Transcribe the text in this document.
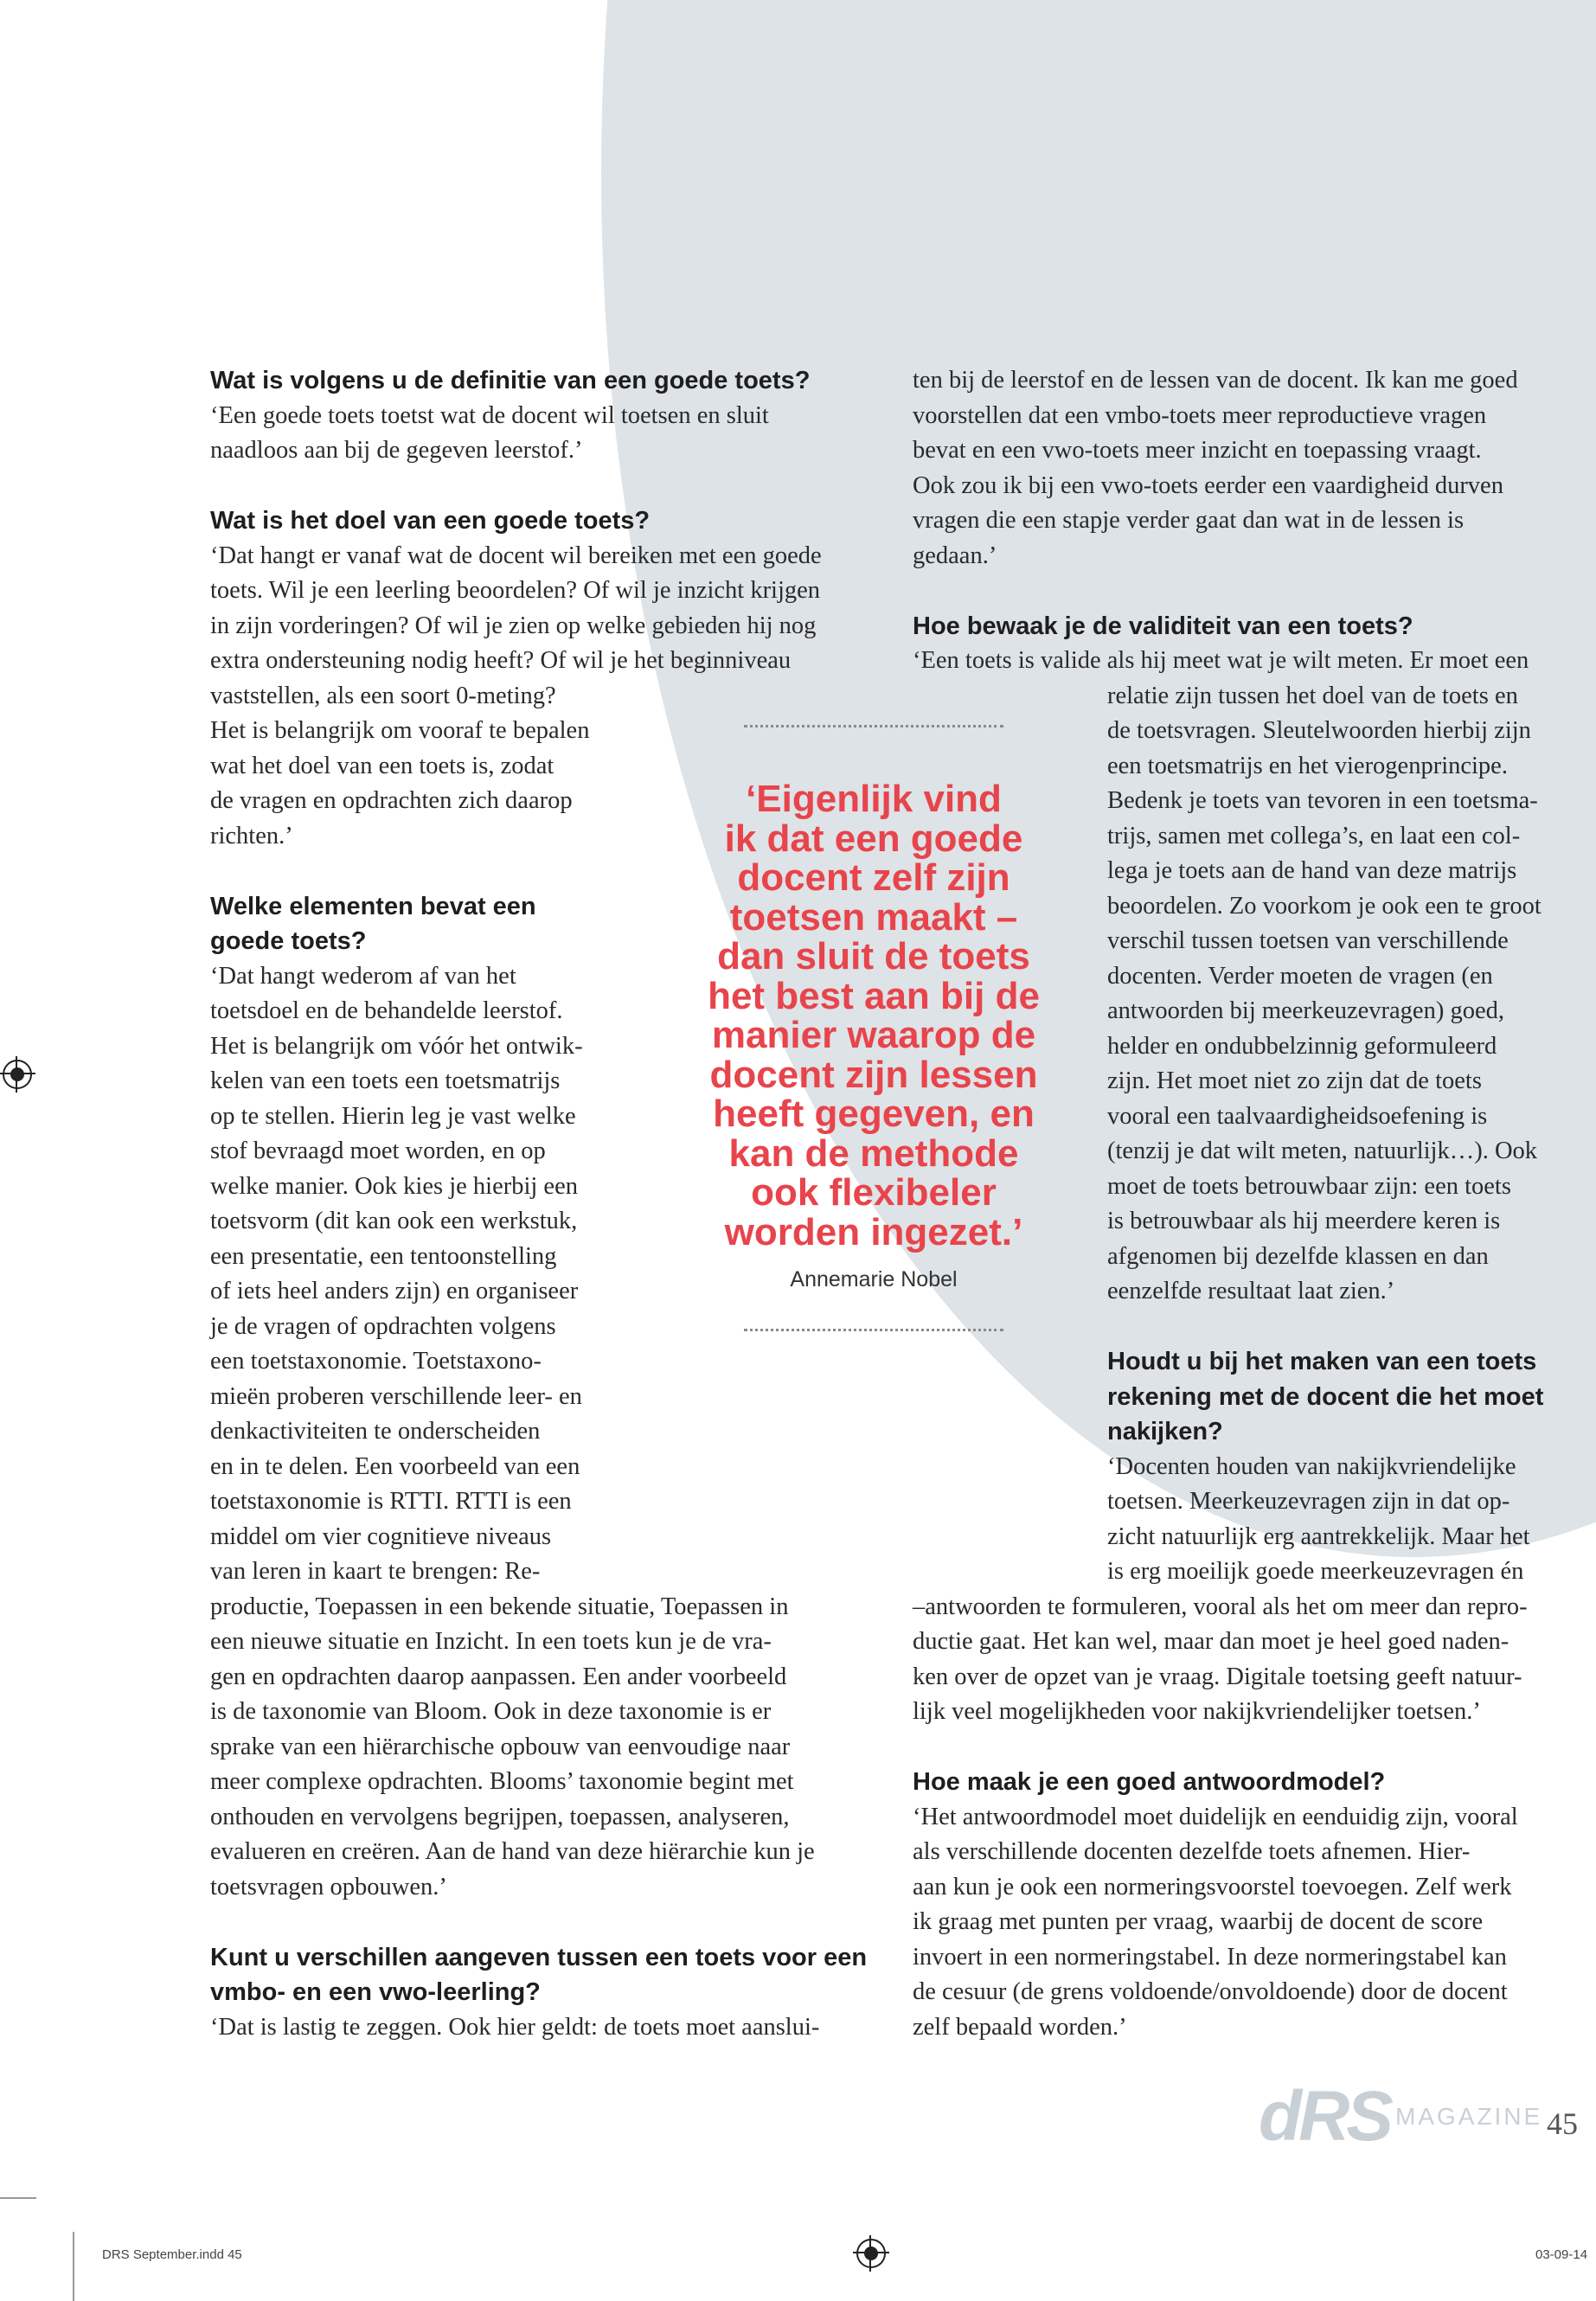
Wat is volgens u de definitie van een goede toets?

‘Een goede toets toetst wat de docent wil toetsen en sluit
naadloos aan bij de gegeven leerstof.’

Wat is het doel van een goede toets?

‘Dat hangt er vanaf wat de docent wil bereiken met een goede
toets. Wil je een leerling beoordelen? Of wil je inzicht krijgen
in zijn vorderingen? Of wil je zien op welke gebieden hij nog
extra ondersteuning nodig heeft? Of wil je het beginniveau
vaststellen, als een soort 0-meting?
Het is belangrijk om vooraf te bepalen
wat het doel van een toets is, zodat
de vragen en opdrachten zich daarop
richten.’

Welke elementen bevat een
goede toets?

‘Dat hangt wederom af van het
toetsdoel en de behandelde leerstof.
Het is belangrijk om vóór het ontwik-
kelen van een toets een toetsmatrijs
op te stellen. Hierin leg je vast welke
stof bevraagd moet worden, en op
welke manier. Ook kies je hierbij een
toetsvorm (dit kan ook een werkstuk,
een presentatie, een tentoonstelling
of iets heel anders zijn) en organiseer
je de vragen of opdrachten volgens
een toetstaxonomie. Toetstaxono-
mieën proberen verschillende leer- en
denkactiviteiten te onderscheiden
en in te delen. Een voorbeeld van een
toetstaxonomie is RTTI. RTTI is een
middel om vier cognitieve niveaus
van leren in kaart te brengen: Re-
productie, Toepassen in een bekende situatie, Toepassen in
een nieuwe situatie en Inzicht. In een toets kun je de vra-
gen en opdrachten daarop aanpassen. Een ander voorbeeld
is de taxonomie van Bloom. Ook in deze taxonomie is er
sprake van een hiërarchische opbouw van eenvoudige naar
meer complexe opdrachten. Blooms’ taxonomie begint met
onthouden en vervolgens begrijpen, toepassen, analyseren,
evalueren en creëren. Aan de hand van deze hiërarchie kun je
toetsvragen opbouwen.’

Kunt u verschillen aangeven tussen een toets voor een
vmbo- en een vwo-leerling?

‘Dat is lastig te zeggen. Ook hier geldt: de toets moet aanslui-

ten bij de leerstof en de lessen van de docent. Ik kan me goed
voorstellen dat een vmbo-toets meer reproductieve vragen
bevat en een vwo-toets meer inzicht en toepassing vraagt.
Ook zou ik bij een vwo-toets eerder een vaardigheid durven
vragen die een stapje verder gaat dan wat in de lessen is
gedaan.’

Hoe bewaak je de validiteit van een toets?

‘Een toets is valide als hij meet wat je wilt meten. Er moet een

relatie zijn tussen het doel van de toets en
de toetsvragen. Sleutelwoorden hierbij zijn
een toetsmatrijs en het vierogenprincipe.
Bedenk je toets van tevoren in een toetsma-
trijs, samen met collega’s, en laat een col-
lega je toets aan de hand van deze matrijs
beoordelen. Zo voorkom je ook een te groot
verschil tussen toetsen van verschillende
docenten. Verder moeten de vragen (en
antwoorden bij meerkeuzevragen) goed,
helder en ondubbelzinnig geformuleerd
zijn. Het moet niet zo zijn dat de toets
vooral een taalvaardigheidsoefening is
(tenzij je dat wilt meten, natuurlijk…). Ook
moet de toets betrouwbaar zijn: een toets
is betrouwbaar als hij meerdere keren is
afgenomen bij dezelfde klassen en dan
eenzelfde resultaat laat zien.’

Houdt u bij het maken van een toets
rekening met de docent die het moet
nakijken?

‘Docenten houden van nakijkvriendelijke
toetsen. Meerkeuzevragen zijn in dat op-
zicht natuurlijk erg aantrekkelijk. Maar het
is erg moeilijk goede meerkeuzevragen én

–antwoorden te formuleren, vooral als het om meer dan repro-
ductie gaat. Het kan wel, maar dan moet je heel goed naden-
ken over de opzet van je vraag. Digitale toetsing geeft natuur-
lijk veel mogelijkheden voor nakijkvriendelijker toetsen.’

Hoe maak je een goed antwoordmodel?

‘Het antwoordmodel moet duidelijk en eenduidig zijn, vooral
als verschillende docenten dezelfde toets afnemen. Hier-
aan kun je ook een normeringsvoorstel toevoegen. Zelf werk
ik graag met punten per vraag, waarbij de docent de score
invoert in een normeringstabel. In deze normeringstabel kan
de cesuur (de grens voldoende/onvoldoende) door de docent
zelf bepaald worden.’

‘Eigenlijk vind
ik dat een goede
docent zelf zijn
toetsen maakt –
dan sluit de toets
het best aan bij de
manier waarop de
docent zijn lessen
heeft gegeven, en
kan de methode
ook flexibeler
worden ingezet.’
Annemarie Nobel
dRS MAGAZINE 45
DRS September.indd 45	03-09-14
